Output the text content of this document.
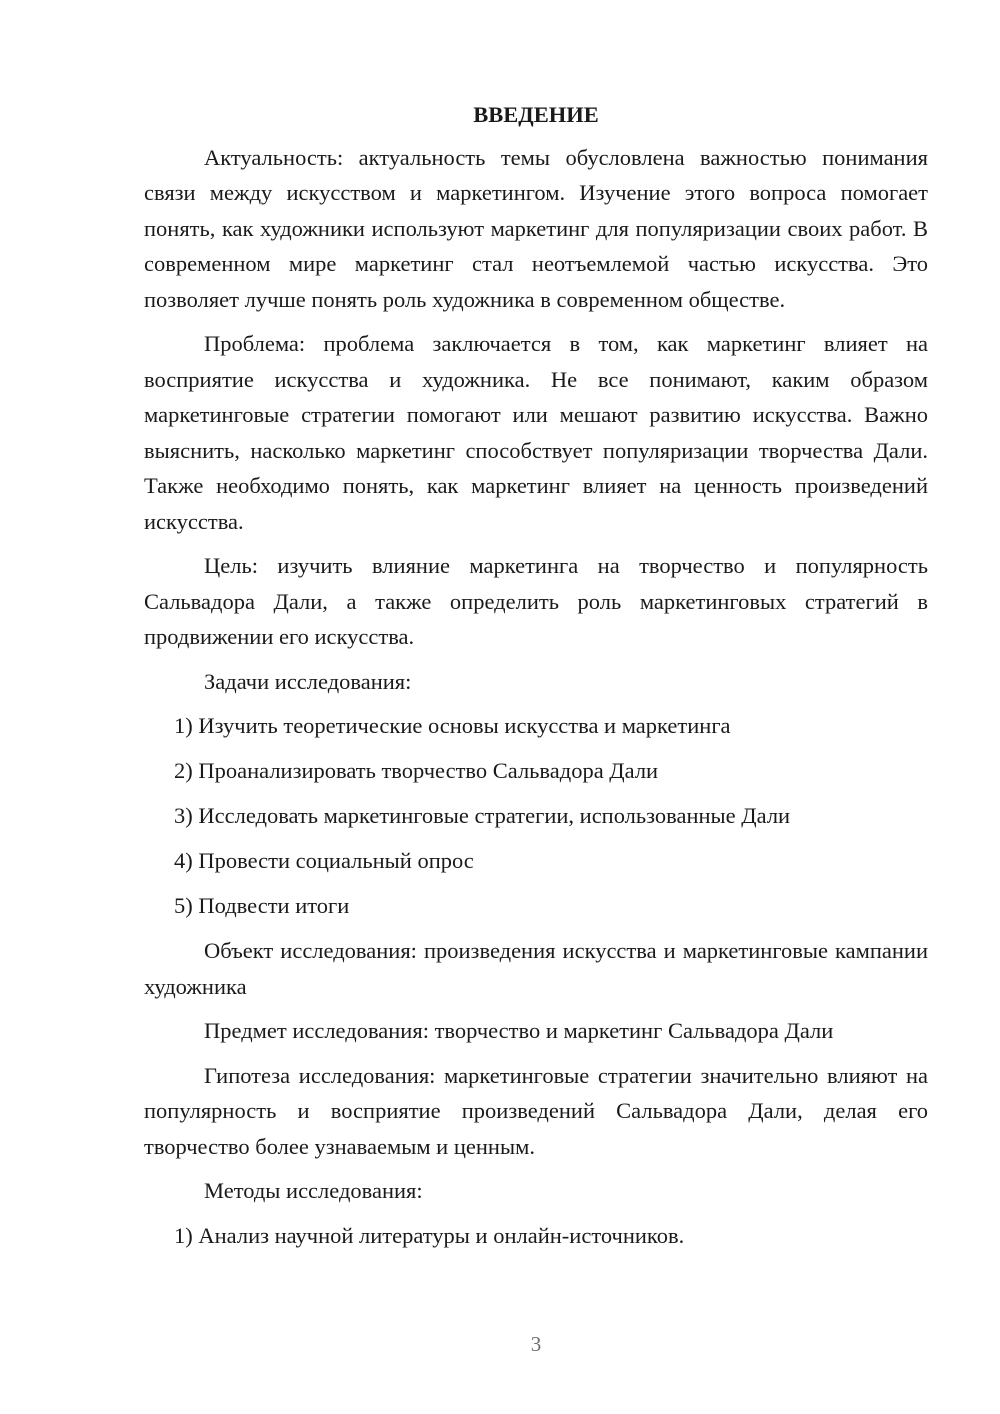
ВВЕДЕНИЕ

Актуальность: актуальность темы обусловлена важностью понимания связи между искусством и маркетингом. Изучение этого вопроса помогает понять, как художники используют маркетинг для популяризации своих работ. В современном мире маркетинг стал неотъемлемой частью искусства. Это позволяет лучше понять роль художника в современном обществе.

Проблема: проблема заключается в том, как маркетинг влияет на восприятие искусства и художника. Не все понимают, каким образом маркетинговые стратегии помогают или мешают развитию искусства. Важно выяснить, насколько маркетинг способствует популяризации творчества Дали. Также необходимо понять, как маркетинг влияет на ценность произведений искусства.

Цель: изучить влияние маркетинга на творчество и популярность Сальвадора Дали, а также определить роль маркетинговых стратегий в продвижении его искусства.

Задачи исследования:

1) Изучить теоретические основы искусства и маркетинга
2) Проанализировать творчество Сальвадора Дали
3) Исследовать маркетинговые стратегии, использованные Дали
4) Провести социальный опрос
5) Подвести итоги

Объект исследования: произведения искусства и маркетинговые кампании художника

Предмет исследования: творчество и маркетинг Сальвадора Дали

Гипотеза исследования: маркетинговые стратегии значительно влияют на популярность и восприятие произведений Сальвадора Дали, делая его творчество более узнаваемым и ценным.

Методы исследования:

1) Анализ научной литературы и онлайн-источников.
3
